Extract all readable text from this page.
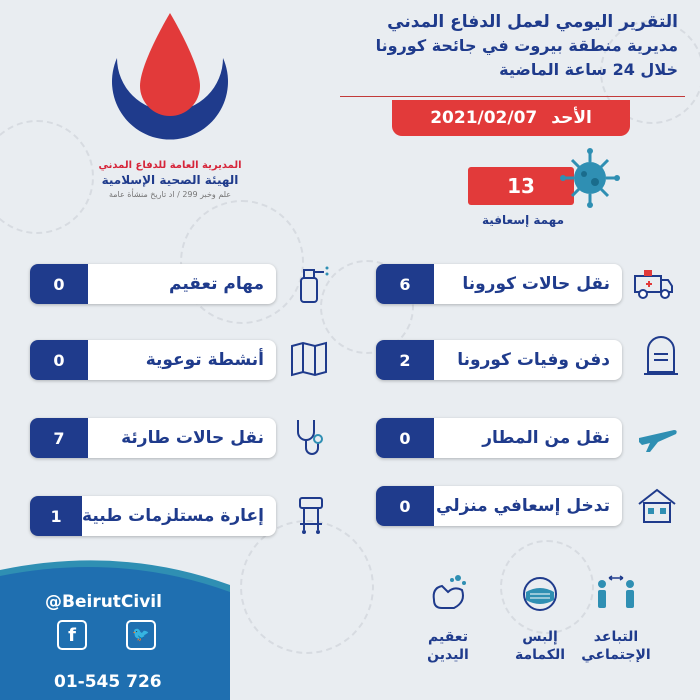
المديرية العامة للدفاع المدني
الهيئة الصحية الإسلامية
علم وخبر 299 / اد تاريخ منشأة عامة
التقرير اليومي لعمل الدفاع المدني
مديرية منطقة بيروت في جائحة كورونا
خلال 24 ساعة الماضية
الأحد
2021/02/07
13
مهمة إسعافية
6	نقل حالات كورونا
2	دفن وفيات كورونا
0	نقل من المطار
0	تدخل إسعافي منزلي
0	مهام تعقيم
0	أنشطة توعوية
7	نقل حالات طارئة
1	إعارة مستلزمات طبية
@BeirutCivil
f	🐦
01-545 726
التباعد
الإجتماعي
إلبس
الكمامة
تعقيم
اليدين
